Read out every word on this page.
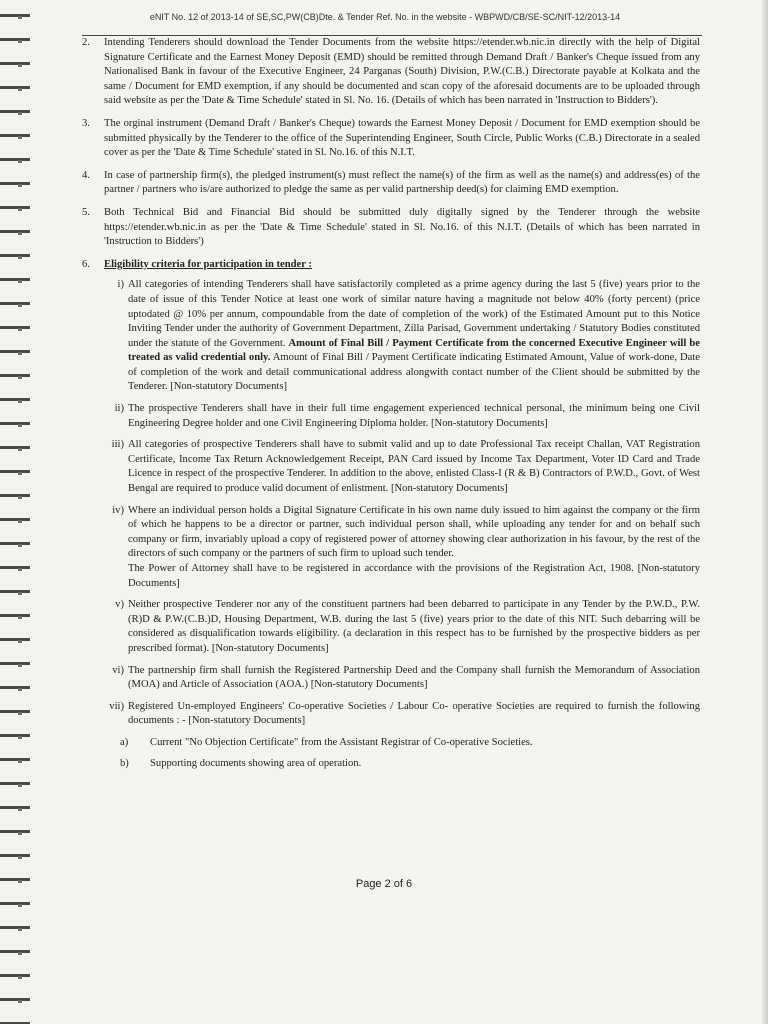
eNIT No. 12 of 2013-14 of SE,SC,PW(CB)Dte. & Tender Ref. No. in the website - WBPWD/CB/SE-SC/NIT-12/2013-14
2. Intending Tenderers should download the Tender Documents from the website https://etender.wb.nic.in directly with the help of Digital Signature Certificate and the Earnest Money Deposit (EMD) should be remitted through Demand Draft / Banker's Cheque issued from any Nationalised Bank in favour of the Executive Engineer, 24 Parganas (South) Division, P.W.(C.B.) Directorate payable at Kolkata and the same / Document for EMD exemption, if any should be documented and scan copy of the aforesaid documents are to be uploaded through said website as per the 'Date & Time Schedule' stated in Sl. No. 16. (Details of which has been narrated in 'Instruction to Bidders').
3. The orginal instrument (Demand Draft / Banker's Cheque) towards the Earnest Money Deposit / Document for EMD exemption should be submitted physically by the Tenderer to the office of the Superintending Engineer, South Circle, Public Works (C.B.) Directorate in a sealed cover as per the 'Date & Time Schedule' stated in Sl. No.16. of this N.I.T.
4. In case of partnership firm(s), the pledged instrument(s) must reflect the name(s) of the firm as well as the name(s) and address(es) of the partner / partners who is/are authorized to pledge the same as per valid partnership deed(s) for claiming EMD exemption.
5. Both Technical Bid and Financial Bid should be submitted duly digitally signed by the Tenderer through the website https://etender.wb.nic.in as per the 'Date & Time Schedule' stated in Sl. No.16. of this N.I.T. (Details of which has been narrated in 'Instruction to Bidders')
6. Eligibility criteria for participation in tender :
i) All categories of intending Tenderers shall have satisfactorily completed as a prime agency during the last 5 (five) years prior to the date of issue of this Tender Notice at least one work of similar nature having a magnitude not below 40% (forty percent) (price uptodated @ 10% per annum, compoundable from the date of completion of the work) of the Estimated Amount put to this Notice Inviting Tender under the authority of Government Department, Zilla Parisad, Government undertaking / Statutory Bodies constituted under the statute of the Government. Amount of Final Bill / Payment Certificate from the concerned Executive Engineer will be treated as valid credential only. Amount of Final Bill / Payment Certificate indicating Estimated Amount, Value of work-done, Date of completion of the work and detail communicational address alongwith contact number of the Client should be submitted by the Tenderer. [Non-statutory Documents]
ii) The prospective Tenderers shall have in their full time engagement experienced technical personal, the minimum being one Civil Engineering Degree holder and one Civil Engineering Diploma holder. [Non-statutory Documents]
iii) All categories of prospective Tenderers shall have to submit valid and up to date Professional Tax receipt Challan, VAT Registration Certificate, Income Tax Return Acknowledgement Receipt, PAN Card issued by Income Tax Department, Voter ID Card and Trade Licence in respect of the prospective Tenderer. In addition to the above, enlisted Class-I (R & B) Contractors of P.W.D., Govt. of West Bengal are required to produce valid document of enlistment. [Non-statutory Documents]
iv) Where an individual person holds a Digital Signature Certificate in his own name duly issued to him against the company or the firm of which he happens to be a director or partner, such individual person shall, while uploading any tender for and on behalf such company or firm, invariably upload a copy of registered power of attorney showing clear authorization in his favour, by the rest of the directors of such company or the partners of such firm to upload such tender.

The Power of Attorney shall have to be registered in accordance with the provisions of the Registration Act, 1908. [Non-statutory Documents]

v) Neither prospective Tenderer nor any of the constituent partners had been debarred to participate in any Tender by the P.W.D., P.W.(R)D & P.W.(C.B.)D, Housing Department, W.B. during the last 5 (five) years prior to the date of this NIT. Such debarring will be considered as disqualification towards eligibility. (a declaration in this respect has to be furnished by the prospective bidders as per prescribed format). [Non-statutory Documents]
vi) The partnership firm shall furnish the Registered Partnership Deed and the Company shall furnish the Memorandum of Association (MOA) and Article of Association (AOA.) [Non-statutory Documents]
vii) Registered Un-employed Engineers' Co-operative Societies / Labour Co- operative Societies are required to furnish the following documents : - [Non-statutory Documents]
a) Current "No Objection Certificate" from the Assistant Registrar of Co-operative Societies.
b) Supporting documents showing area of operation.
Page 2 of 6
